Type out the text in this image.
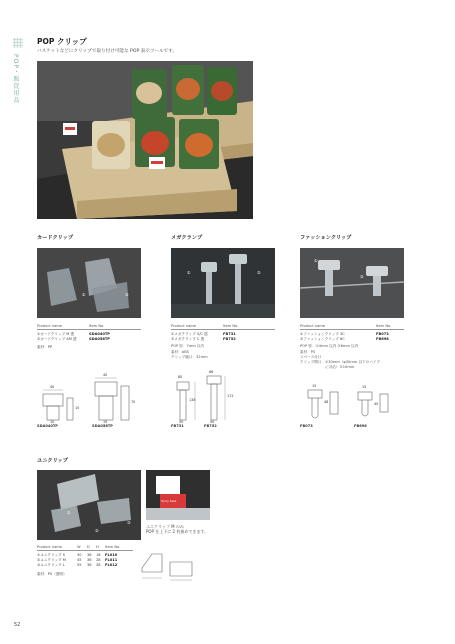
POP・販促用品
POP クリップ
バスケットなどにクリップで取り付け可能な POP 表示ツールです。
カードクリップ
①	②
Product name	Item No.
①カードクリップ M 透	SDA040TP
②カードクリップ AM 透	SDA058TP
素材：PP
40
15
10
40
70
15
SDA040TP	SDA058TP
メガクランプ
①	②
Product name	Item No.
①メガクランプ S/C 透	FB731
②メガクランプ C 透	FB752
POP 厚：7mm 以内
素材：ABS
クリップ幅口：32mm
80
138
50
66
172
50
FB731	FB752
ファッションクリップ
①
②
Product name	Item No.
①ファッションクリップ 3C	FB073
②ファッションクリップ 6C	FB698
POP 厚：①4mm 以内 ②6mm 以内
素材：PS
スペース付け
クリップ開口：①30mm（φ30mm 以下のパイプ
　　　　　　　に対応）②10mm
15
48
15
40
FB073	FB698
ユニクリップ
①
②
③
Sorry Sale
ユニクリップ M のみ
POP を上下に 2 枚嵌めできます。
Product name	W D H Item No.
①ユニクリップ S	30 36 18 FL010
②ユニクリップ M	45 36 28 FL011
③ユニクリップ L	55 36 38 FL012
素材：PS（透明）
52
